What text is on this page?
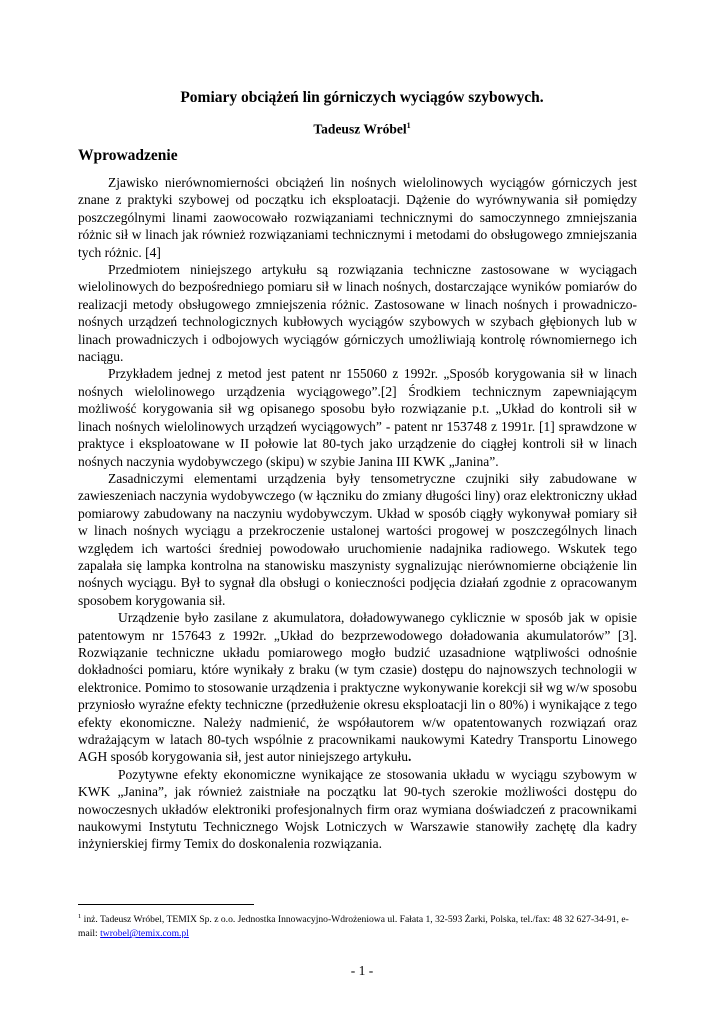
Pomiary obciążeń lin górniczych wyciągów szybowych.
Tadeusz Wróbel$^1$
Wprowadzenie

Zjawisko nierównomierności obciążeń lin nośnych wielolinowych wyciągów górniczych jest znane z praktyki szybowej od początku ich eksploatacji. Dążenie do wyrównywania sił pomiędzy poszczególnymi linami zaowocowało rozwiązaniami technicznymi do samoczynnego zmniejszania różnic sił w linach jak również rozwiązaniami technicznymi i metodami do obsługowego zmniejszania tych różnic. [4]

Przedmiotem niniejszego artykułu są rozwiązania techniczne zastosowane w wyciągach wielolinowych do bezpośredniego pomiaru sił w linach nośnych, dostarczające wyników pomiarów do realizacji metody obsługowego zmniejszenia różnic. Zastosowane w linach nośnych i prowadniczo-nośnych urządzeń technologicznych kubłowych wyciągów szybowych w szybach głębionych lub w linach prowadniczych i odbojowych wyciągów górniczych umożliwiają kontrolę równomiernego ich naciągu.

Przykładem jednej z metod jest patent nr 155060 z 1992r. „Sposób korygowania sił w linach nośnych wielolinowego urządzenia wyciągowego”.[2] Środkiem technicznym zapewniającym możliwość korygowania sił wg opisanego sposobu było rozwiązanie p.t. „Układ do kontroli sił w linach nośnych wielolinowych urządzeń wyciągowych” - patent nr 153748 z 1991r. [1] sprawdzone w praktyce i eksploatowane w II połowie lat 80-tych jako urządzenie do ciągłej kontroli sił w linach nośnych naczynia wydobywczego (skipu) w szybie Janina III KWK „Janina”.

Zasadniczymi elementami urządzenia były tensometryczne czujniki siły zabudowane w zawieszeniach naczynia wydobywczego (w łączniku do zmiany długości liny) oraz elektroniczny układ pomiarowy zabudowany na naczyniu wydobywczym. Układ w sposób ciągły wykonywał pomiary sił w linach nośnych wyciągu a przekroczenie ustalonej wartości progowej w poszczególnych linach względem ich wartości średniej powodowało uruchomienie nadajnika radiowego. Wskutek tego zapalała się lampka kontrolna na stanowisku maszynisty sygnalizując nierównomierne obciążenie lin nośnych wyciągu. Był to sygnał dla obsługi o konieczności podjęcia działań zgodnie z opracowanym sposobem korygowania sił.

Urządzenie było zasilane z akumulatora, doładowywanego cyklicznie w sposób jak w opisie patentowym nr 157643 z 1992r. „Układ do bezprzewodowego doładowania akumulatorów” [3]. Rozwiązanie techniczne układu pomiarowego mogło budzić uzasadnione wątpliwości odnośnie dokładności pomiaru, które wynikały z braku (w tym czasie) dostępu do najnowszych technologii w elektronice. Pomimo to stosowanie urządzenia i praktyczne wykonywanie korekcji sił wg w/w sposobu przyniosło wyraźne efekty techniczne (przedłużenie okresu eksploatacji lin o 80%) i wynikające z tego efekty ekonomiczne. Należy nadmienić, że współautorem w/w opatentowanych rozwiązań oraz wdrażającym w latach 80-tych wspólnie z pracownikami naukowymi Katedry Transportu Linowego AGH sposób korygowania sił, jest autor niniejszego artykułu.

Pozytywne efekty ekonomiczne wynikające ze stosowania układu w wyciągu szybowym w KWK „Janina”, jak również zaistniałe na początku lat 90-tych szerokie możliwości dostępu do nowoczesnych układów elektroniki profesjonalnych firm oraz wymiana doświadczeń z pracownikami naukowymi Instytutu Technicznego Wojsk Lotniczych w Warszawie stanowiły zachętę dla kadry inżynierskiej firmy Temix do doskonalenia rozwiązania.

$^1$ inż. Tadeusz Wróbel, TEMIX Sp. z o.o. Jednostka Innowacyjno-Wdrożeniowa ul. Fałata 1, 32-593 Żarki, Polska, tel./fax: 48 32 627-34-91, e-mail: twrobel@temix.com.pl
- 1 -
